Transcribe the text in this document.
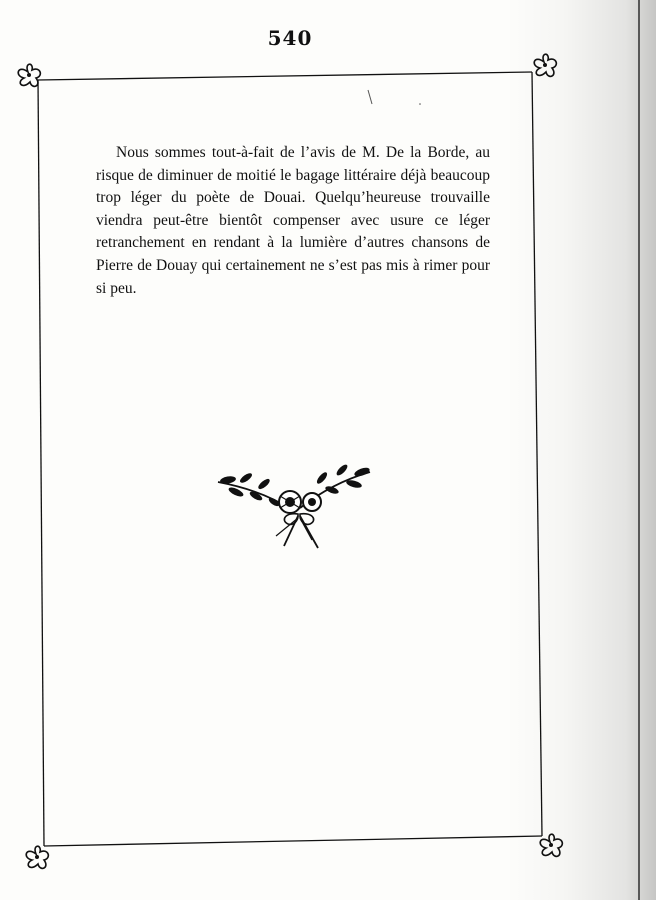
540

Nous sommes tout-à-fait de l’avis de M. De la Borde, au risque de diminuer de moitié le bagage littéraire déjà beaucoup trop léger du poète de Douai. Quelqu’heureuse trouvaille viendra peut-être bientôt compenser avec usure ce léger retranchement en rendant à la lumière d’autres chansons de Pierre de Douay qui certainement ne s’est pas mis à rimer pour si peu.
